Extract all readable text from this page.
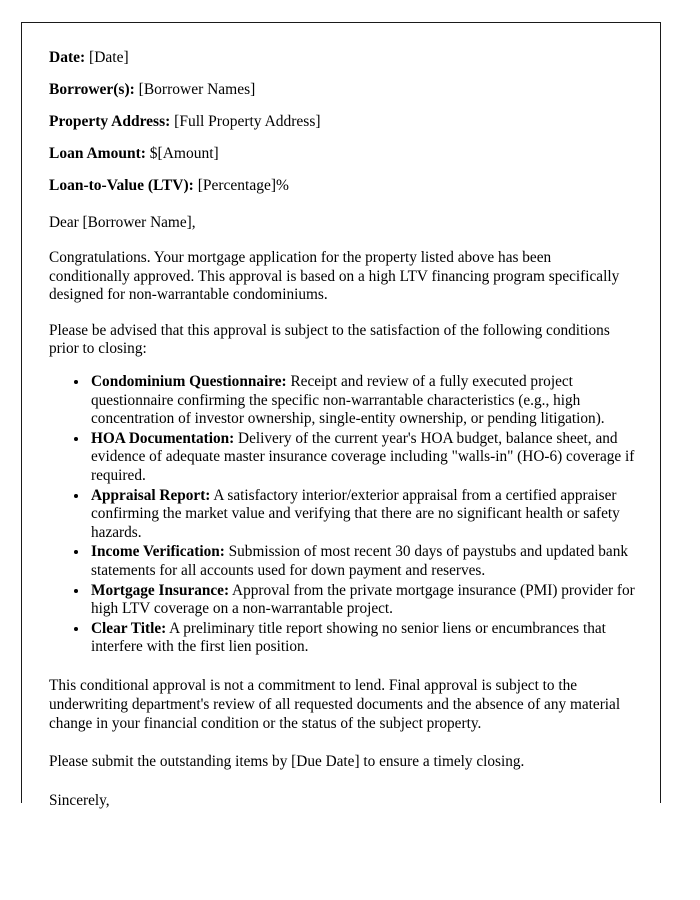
Date: [Date]
Borrower(s): [Borrower Names]
Property Address: [Full Property Address]
Loan Amount: $[Amount]
Loan-to-Value (LTV): [Percentage]%

Dear [Borrower Name],

Congratulations. Your mortgage application for the property listed above has been conditionally approved. This approval is based on a high LTV financing program specifically designed for non-warrantable condominiums.

Please be advised that this approval is subject to the satisfaction of the following conditions prior to closing:

• Condominium Questionnaire: Receipt and review of a fully executed project questionnaire confirming the specific non-warrantable characteristics (e.g., high concentration of investor ownership, single-entity ownership, or pending litigation).
• HOA Documentation: Delivery of the current year's HOA budget, balance sheet, and evidence of adequate master insurance coverage including "walls-in" (HO-6) coverage if required.
• Appraisal Report: A satisfactory interior/exterior appraisal from a certified appraiser confirming the market value and verifying that there are no significant health or safety hazards.
• Income Verification: Submission of most recent 30 days of paystubs and updated bank statements for all accounts used for down payment and reserves.
• Mortgage Insurance: Approval from the private mortgage insurance (PMI) provider for high LTV coverage on a non-warrantable project.
• Clear Title: A preliminary title report showing no senior liens or encumbrances that interfere with the first lien position.

This conditional approval is not a commitment to lend. Final approval is subject to the underwriting department's review of all requested documents and the absence of any material change in your financial condition or the status of the subject property.

Please submit the outstanding items by [Due Date] to ensure a timely closing.

Sincerely,
